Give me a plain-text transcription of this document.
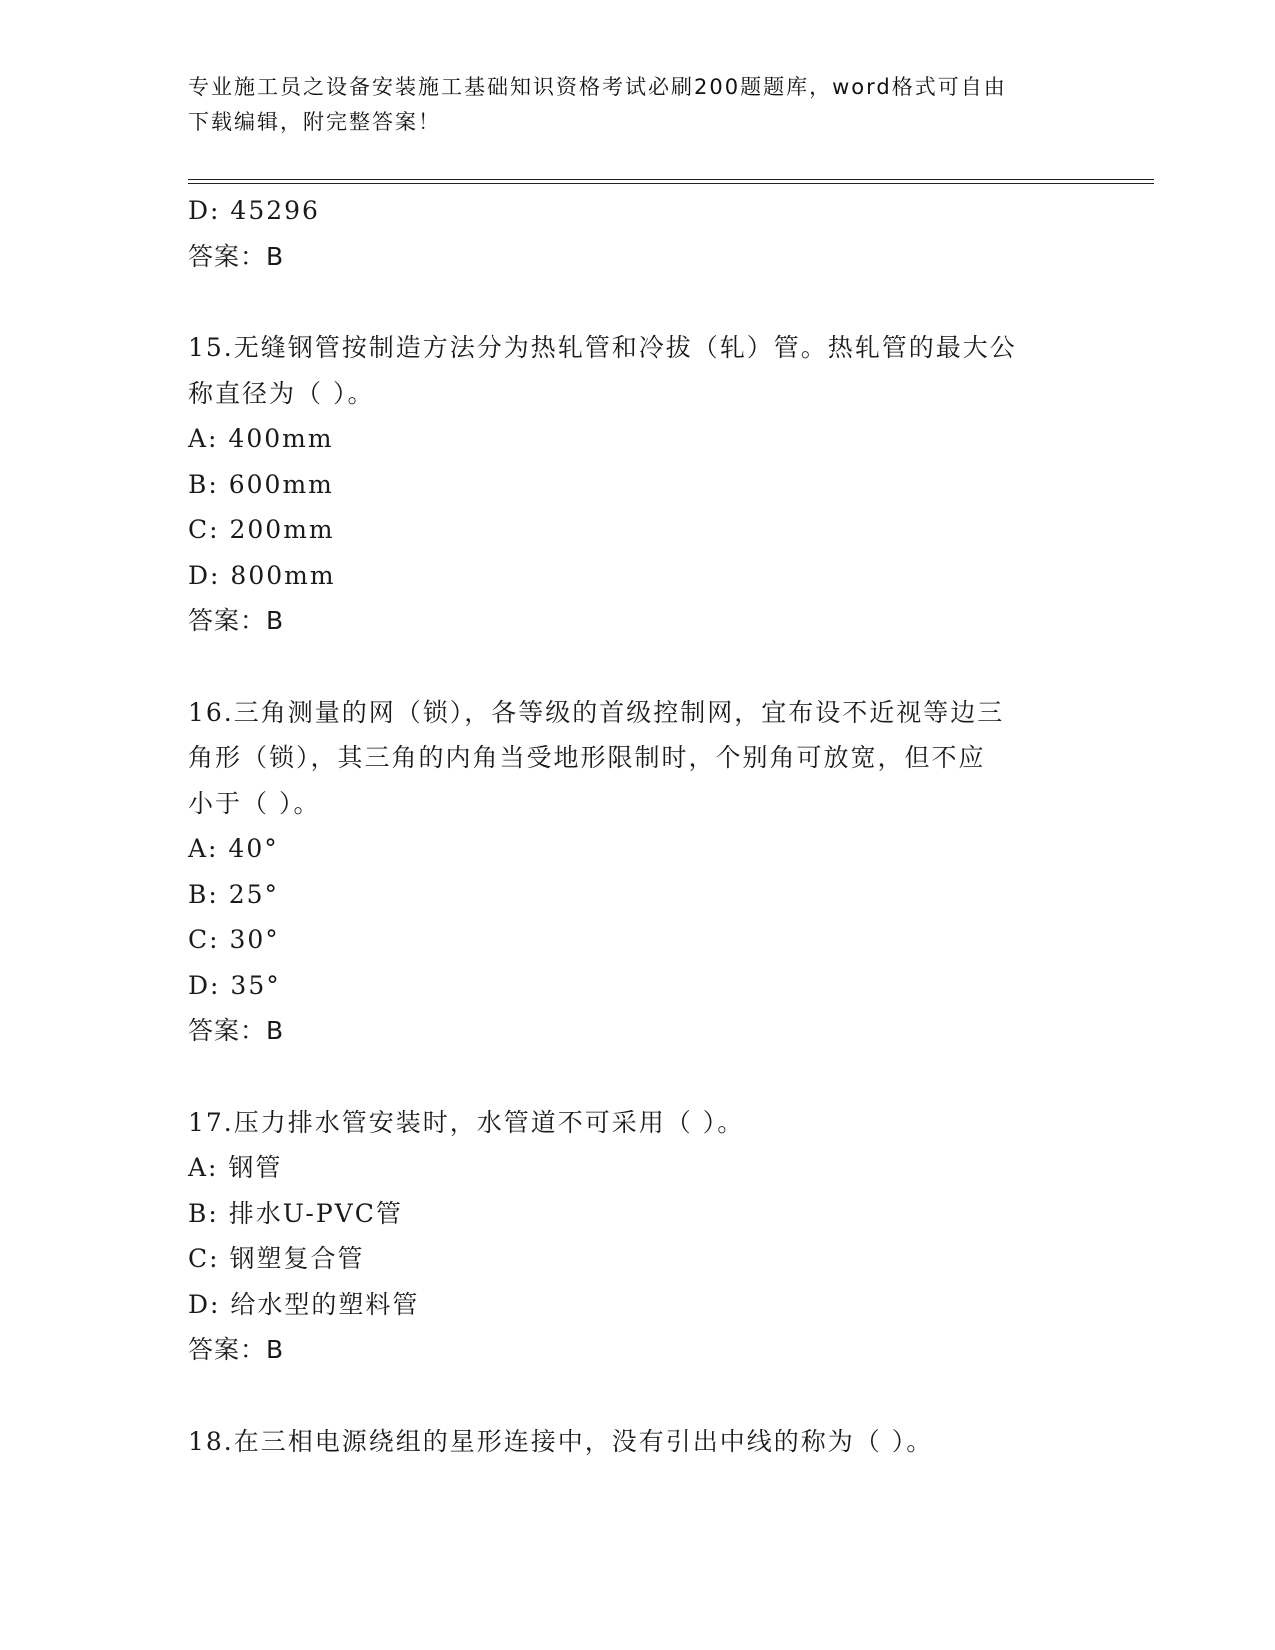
专业施工员之设备安装施工基础知识资格考试必刷200题题库，word格式可自由
下载编辑，附完整答案！
D: 45296
答案：B
15.无缝钢管按制造方法分为热轧管和冷拔（轧）管。热轧管的最大公
称直径为（ ）。
A: 400mm
B: 600mm
C: 200mm
D: 800mm
答案：B
16.三角测量的网（锁），各等级的首级控制网，宜布设不近视等边三
角形（锁），其三角的内角当受地形限制时，个别角可放宽，但不应
小于（ ）。
A: 40°
B: 25°
C: 30°
D: 35°
答案：B
17.压力排水管安装时，水管道不可采用（ ）。
A: 钢管
B: 排水U-PVC管
C: 钢塑复合管
D: 给水型的塑料管
答案：B
18.在三相电源绕组的星形连接中，没有引出中线的称为（ ）。
